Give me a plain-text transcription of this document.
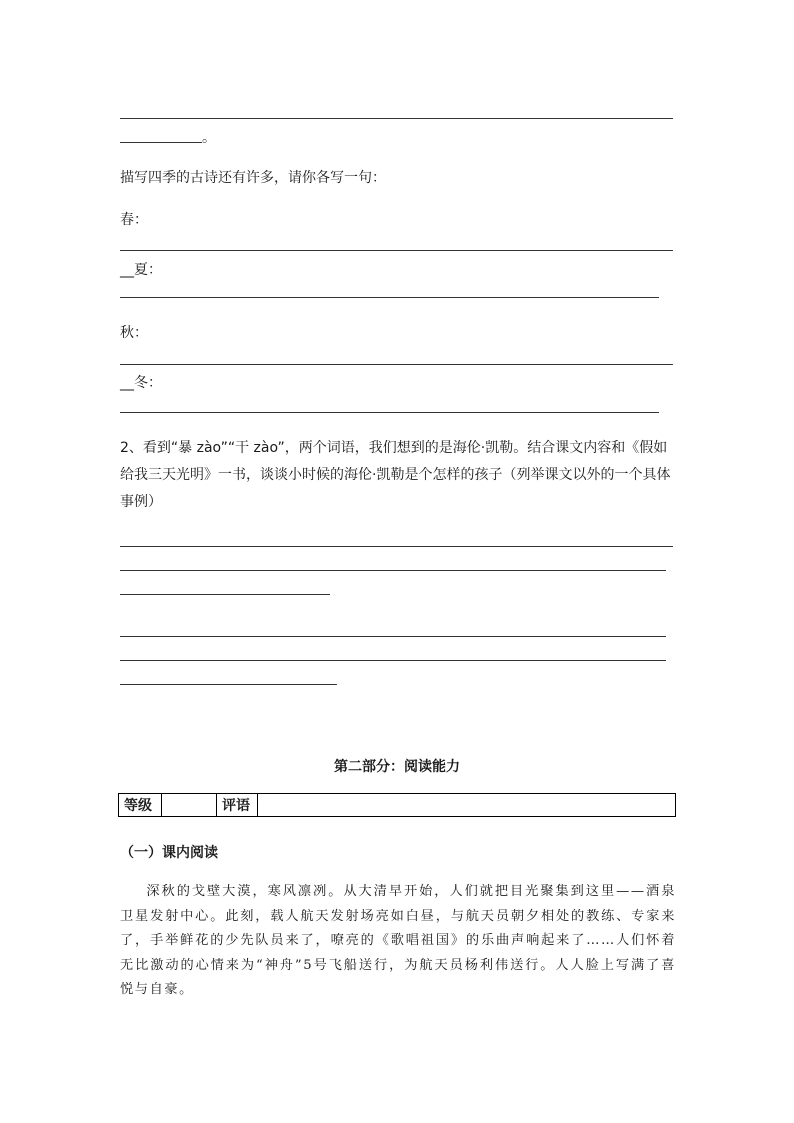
。
描写四季的古诗还有许多，请你各写一句：
春：
__夏：
秋：
__冬：
2、看到“暴 zào”“干 zào”，两个词语，我们想到的是海伦·凯勒。结合课文内容和《假如给我三天光明》一书，谈谈小时候的海伦·凯勒是个怎样的孩子（列举课文以外的一个具体事例）
第二部分：阅读能力
等级		评语	
（一）课内阅读
深秋的戈壁大漠，寒风凛冽。从大清早开始，人们就把目光聚集到这里——酒泉卫星发射中心。此刻，载人航天发射场亮如白昼，与航天员朝夕相处的教练、专家来了，手举鲜花的少先队员来了，嘹亮的《歌唱祖国》的乐曲声响起来了……人们怀着无比激动的心情来为“神舟”5号飞船送行，为航天员杨利伟送行。人人脸上写满了喜悦与自豪。
